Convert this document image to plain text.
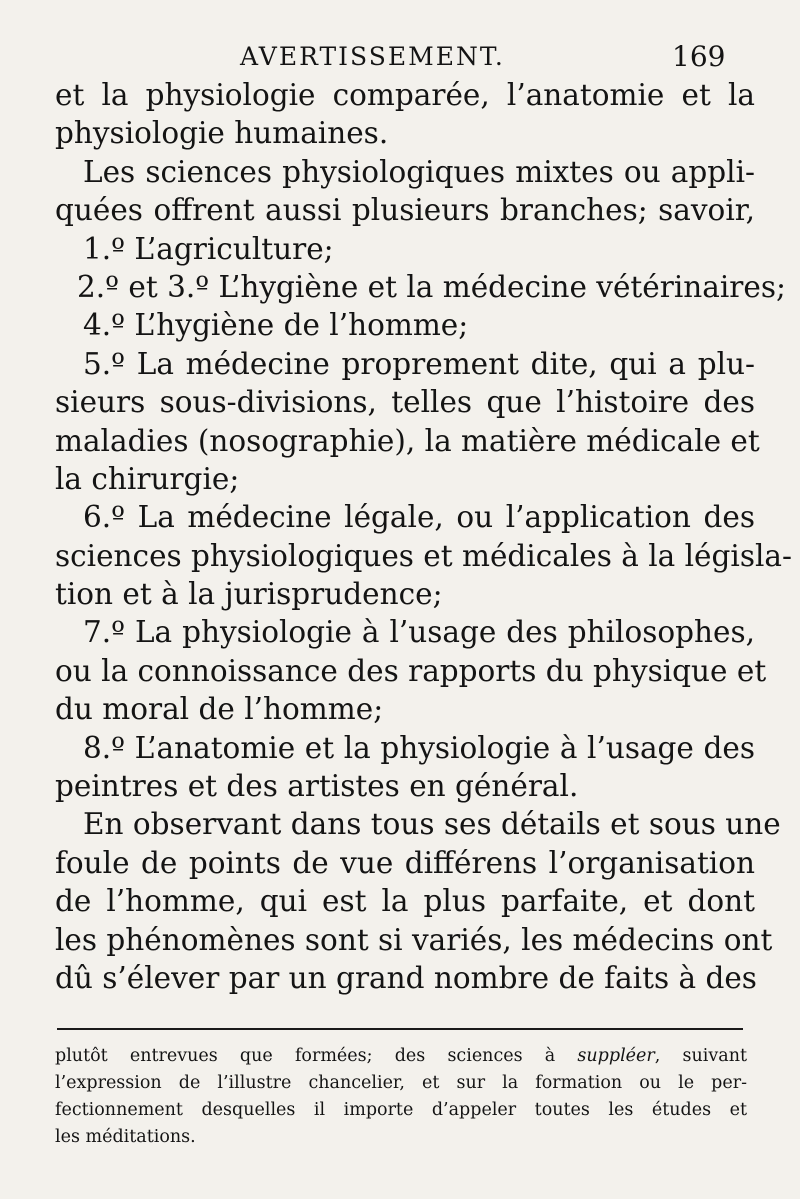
AVERTISSEMENT.	169
et la physiologie comparée, l’anatomie et la
physiologie humaines.
Les sciences physiologiques mixtes ou appli-
quées offrent aussi plusieurs branches; savoir,
1.º L’agriculture;
2.º et 3.º L’hygiène et la médecine vétérinaires;
4.º L’hygiène de l’homme;
5.º La médecine proprement dite, qui a plu-
sieurs sous-divisions, telles que l’histoire des
maladies (nosographie), la matière médicale et
la chirurgie;
6.º La médecine légale, ou l’application des
sciences physiologiques et médicales à la législa-
tion et à la jurisprudence;
7.º La physiologie à l’usage des philosophes,
ou la connoissance des rapports du physique et
du moral de l’homme;
8.º L’anatomie et la physiologie à l’usage des
peintres et des artistes en général.
En observant dans tous ses détails et sous une
foule de points de vue différens l’organisation
de l’homme, qui est la plus parfaite, et dont
les phénomènes sont si variés, les médecins ont
dû s’élever par un grand nombre de faits à des
plutôt entrevues que formées; des sciences à suppléer, suivant
l’expression de l’illustre chancelier, et sur la formation ou le per-
fectionnement desquelles il importe d’appeler toutes les études et
les méditations.
